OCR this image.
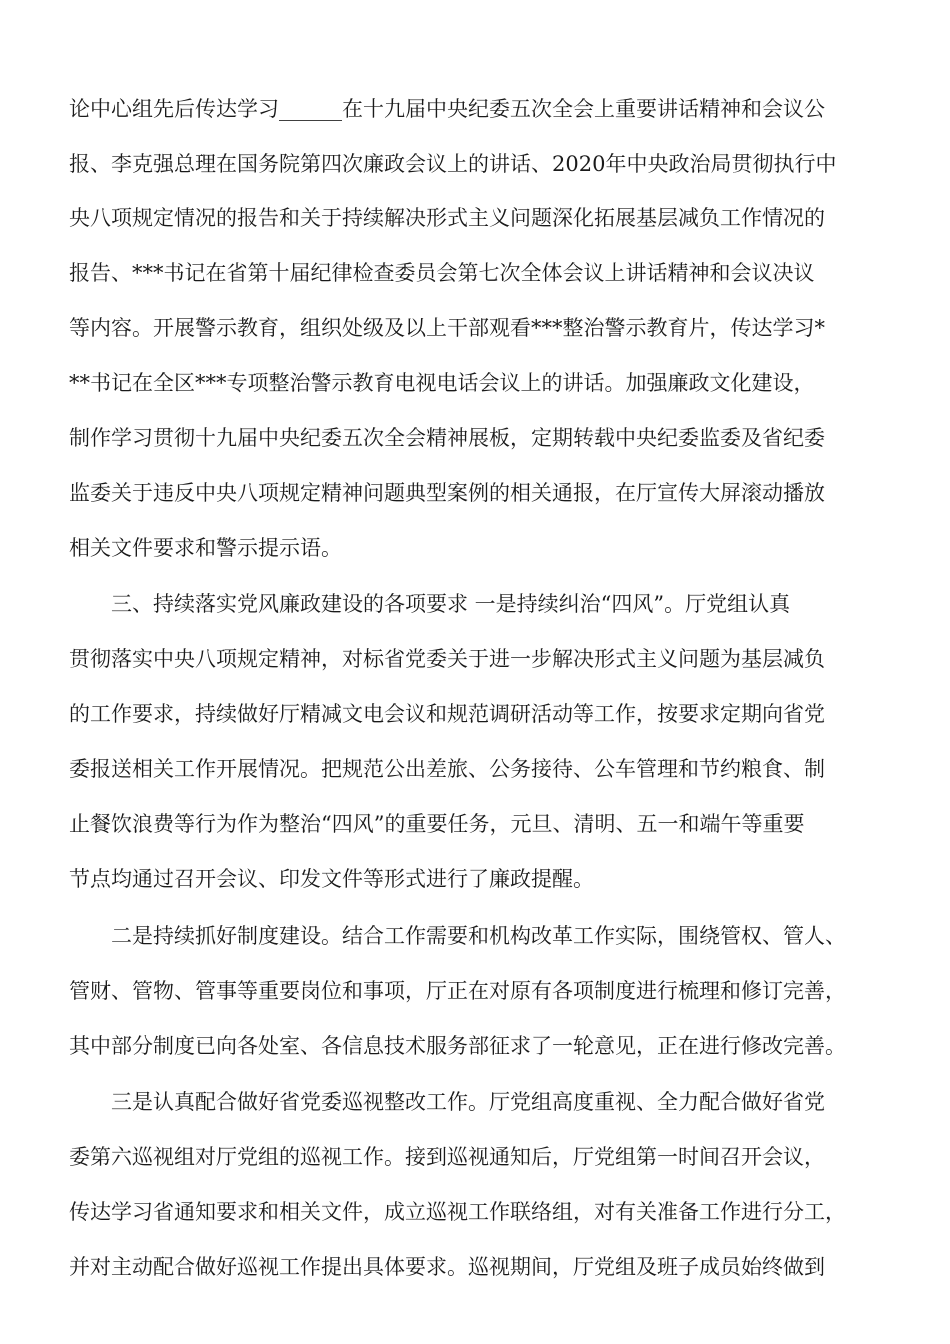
论中心组先后传达学习______在十九届中央纪委五次全会上重要讲话精神和会议公

报、李克强总理在国务院第四次廉政会议上的讲话、2020年中央政治局贯彻执行中

央八项规定情况的报告和关于持续解决形式主义问题深化拓展基层减负工作情况的

报告、***书记在省第十届纪律检查委员会第七次全体会议上讲话精神和会议决议

等内容。开展警示教育，组织处级及以上干部观看***整治警示教育片，传达学习*

**书记在全区***专项整治警示教育电视电话会议上的讲话。加强廉政文化建设，

制作学习贯彻十九届中央纪委五次全会精神展板，定期转载中央纪委监委及省纪委

监委关于违反中央八项规定精神问题典型案例的相关通报，在厅宣传大屏滚动播放

相关文件要求和警示提示语。

三、持续落实党风廉政建设的各项要求 一是持续纠治“四风”。厅党组认真

贯彻落实中央八项规定精神，对标省党委关于进一步解决形式主义问题为基层减负

的工作要求，持续做好厅精减文电会议和规范调研活动等工作，按要求定期向省党

委报送相关工作开展情况。把规范公出差旅、公务接待、公车管理和节约粮食、制

止餐饮浪费等行为作为整治“四风”的重要任务，元旦、清明、五一和端午等重要

节点均通过召开会议、印发文件等形式进行了廉政提醒。

二是持续抓好制度建设。结合工作需要和机构改革工作实际，围绕管权、管人、

管财、管物、管事等重要岗位和事项，厅正在对原有各项制度进行梳理和修订完善，

其中部分制度已向各处室、各信息技术服务部征求了一轮意见，正在进行修改完善。

三是认真配合做好省党委巡视整改工作。厅党组高度重视、全力配合做好省党

委第六巡视组对厅党组的巡视工作。接到巡视通知后，厅党组第一时间召开会议，

传达学习省通知要求和相关文件，成立巡视工作联络组，对有关准备工作进行分工，

并对主动配合做好巡视工作提出具体要求。巡视期间，厅党组及班子成员始终做到
